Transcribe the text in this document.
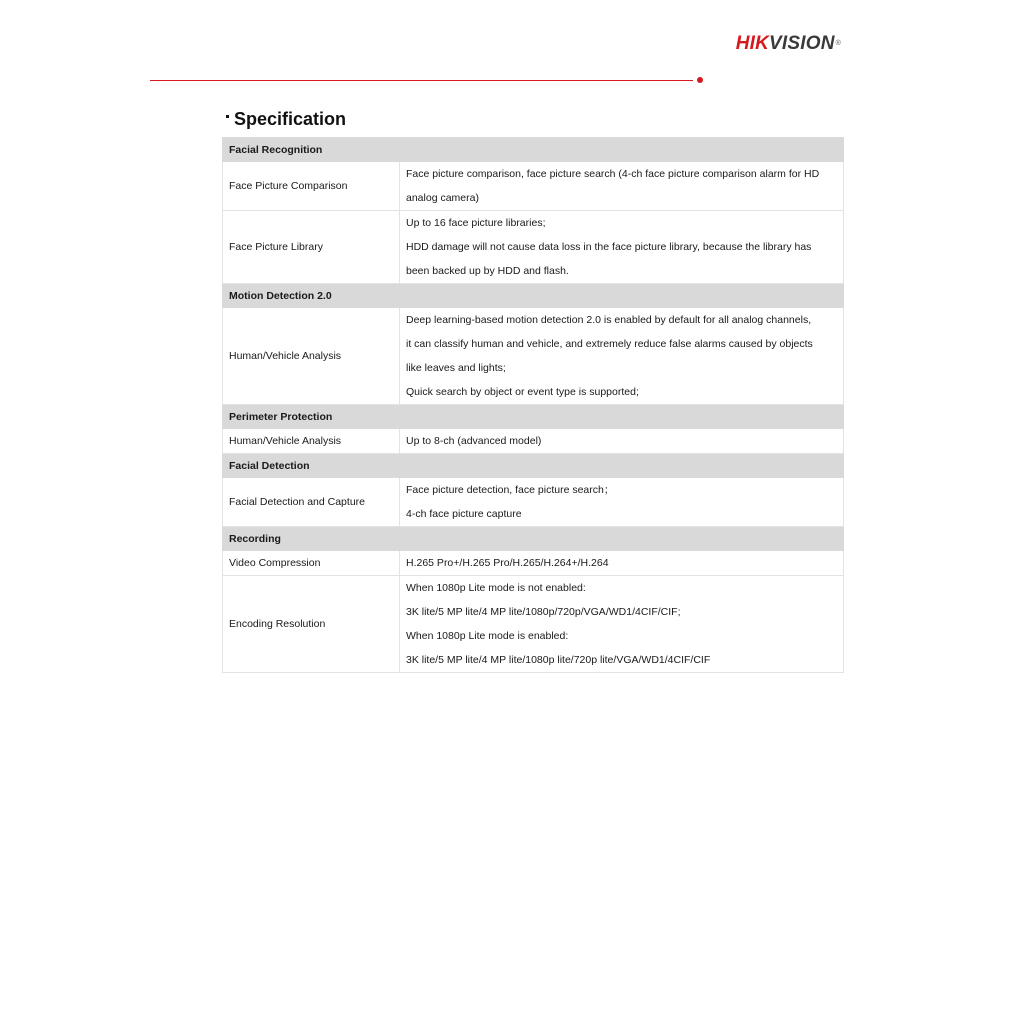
HIKVISION®
Specification
Facial Recognition	
Face Picture Comparison	Face picture comparison, face picture search (4-ch face picture comparison alarm for HD
analog camera)

Face Picture Library	Up to 16 face picture libraries;
HDD damage will not cause data loss in the face picture library, because the library has
been backed up by HDD and flash.

Motion Detection 2.0	
Human/Vehicle Analysis	Deep learning-based motion detection 2.0 is enabled by default for all analog channels,
it can classify human and vehicle, and extremely reduce false alarms caused by objects
like leaves and lights;
Quick search by object or event type is supported;

Perimeter Protection	
Human/Vehicle Analysis	Up to 8-ch (advanced model)

Facial Detection	
Facial Detection and Capture	Face picture detection, face picture search；
4-ch face picture capture

Recording	
Video Compression	H.265 Pro+/H.265 Pro/H.265/H.264+/H.264

Encoding Resolution	When 1080p Lite mode is not enabled:
3K lite/5 MP lite/4 MP lite/1080p/720p/VGA/WD1/4CIF/CIF;
When 1080p Lite mode is enabled:
3K lite/5 MP lite/4 MP lite/1080p lite/720p lite/VGA/WD1/4CIF/CIF
